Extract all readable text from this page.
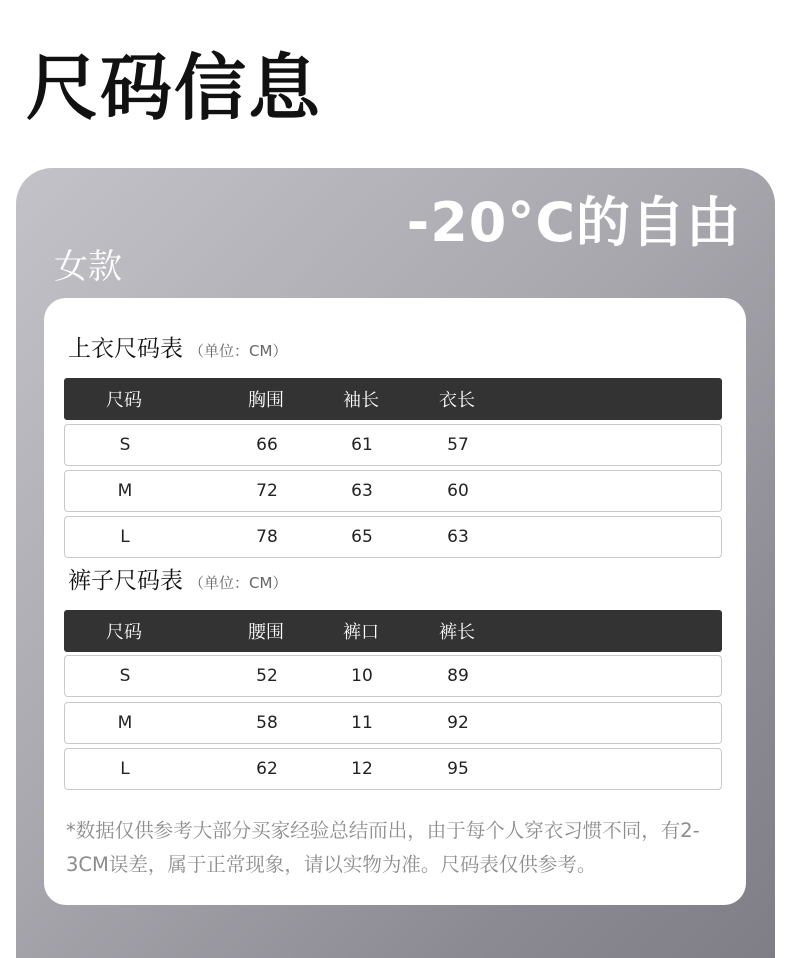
尺码信息
-20°C的自由
女款
上衣尺码表 （单位：CM）
尺码	胸围	袖长	衣长
S	66	61	57
M	72	63	60
L	78	65	63
裤子尺码表 （单位：CM）
尺码	腰围	裤口	裤长
S	52	10	89
M	58	11	92
L	62	12	95
*数据仅供参考大部分买家经验总结而出，由于每个人穿衣习惯不同，有2-3CM误差，属于正常现象，请以实物为准。尺码表仅供参考。
